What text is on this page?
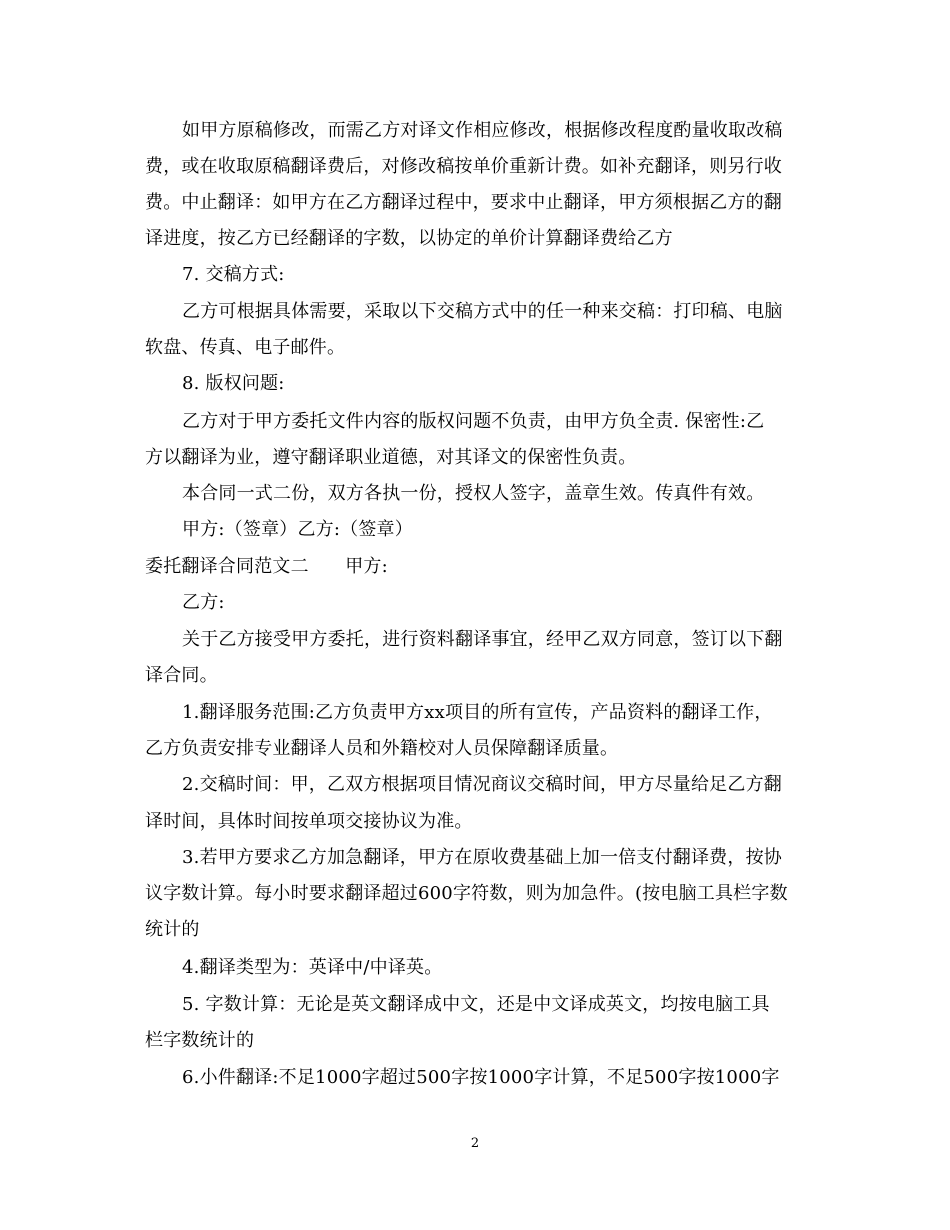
如甲方原稿修改，而需乙方对译文作相应修改，根据修改程度酌量收取改稿
费，或在收取原稿翻译费后，对修改稿按单价重新计费。如补充翻译，则另行收
费。中止翻译：如甲方在乙方翻译过程中，要求中止翻译，甲方须根据乙方的翻
译进度，按乙方已经翻译的字数，以协定的单价计算翻译费给乙方
7. 交稿方式:
乙方可根据具体需要，采取以下交稿方式中的任一种来交稿：打印稿、电脑
软盘、传真、电子邮件。
8. 版权问题:
乙方对于甲方委托文件内容的版权问题不负责，由甲方负全责. 保密性:乙
方以翻译为业，遵守翻译职业道德，对其译文的保密性负责。
本合同一式二份，双方各执一份，授权人签字，盖章生效。传真件有效。
甲方:（签章）乙方:（签章）
委托翻译合同范文二　　甲方:
乙方:
关于乙方接受甲方委托，进行资料翻译事宜，经甲乙双方同意，签订以下翻
译合同。
1.翻译服务范围:乙方负责甲方xx项目的所有宣传，产品资料的翻译工作，
乙方负责安排专业翻译人员和外籍校对人员保障翻译质量。
2.交稿时间：甲，乙双方根据项目情况商议交稿时间，甲方尽量给足乙方翻
译时间，具体时间按单项交接协议为准。
3.若甲方要求乙方加急翻译，甲方在原收费基础上加一倍支付翻译费，按协
议字数计算。每小时要求翻译超过600字符数，则为加急件。(按电脑工具栏字数
统计的
4.翻译类型为：英译中/中译英。
5. 字数计算：无论是英文翻译成中文，还是中文译成英文，均按电脑工具
栏字数统计的
6.小件翻译:不足1000字超过500字按1000字计算，不足500字按1000字
2
